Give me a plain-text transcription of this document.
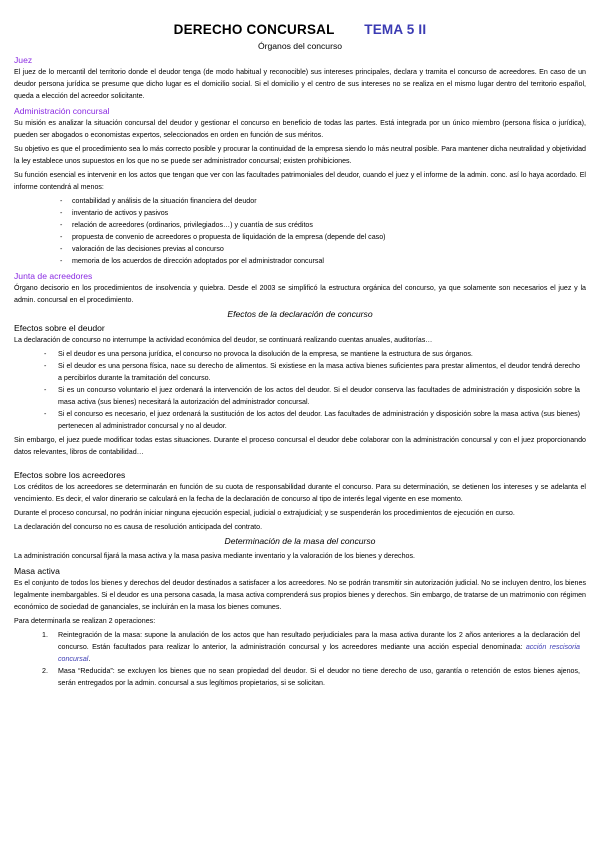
DERECHO CONCURSAL TEMA 5 II
Órganos del concurso
Juez

El juez de lo mercantil del territorio donde el deudor tenga (de modo habitual y reconocible) sus intereses principales, declara y tramita el concurso de acreedores. En caso de un deudor persona jurídica se presume que dicho lugar es el domicilio social. Si el domicilio y el centro de sus intereses no se realiza en el mismo lugar dentro del territorio español, queda a elección del acreedor solicitante.

Administración concursal

Su misión es analizar la situación concursal del deudor y gestionar el concurso en beneficio de todas las partes. Está integrada por un único miembro (persona física o jurídica), pueden ser abogados o economistas expertos, seleccionados en orden en función de sus méritos.

Su objetivo es que el procedimiento sea lo más correcto posible y procurar la continuidad de la empresa siendo lo más neutral posible. Para mantener dicha neutralidad y objetividad la ley establece unos supuestos en los que no se puede ser administrador concursal; existen prohibiciones.

Su función esencial es intervenir en los actos que tengan que ver con las facultades patrimoniales del deudor, cuando el juez y el informe de la admin. conc. así lo haya acordado. El informe contendrá al menos:

- contabilidad y análisis de la situación financiera del deudor
- inventario de activos y pasivos
- relación de acreedores (ordinarios, privilegiados…) y cuantía de sus créditos
- propuesta de convenio de acreedores o propuesta de liquidación de la empresa (depende del caso)
- valoración de las decisiones previas al concurso
- memoria de los acuerdos de dirección adoptados por el administrador concursal
Junta de acreedores

Órgano decisorio en los procedimientos de insolvencia y quiebra. Desde el 2003 se simplificó la estructura orgánica del concurso, ya que solamente son necesarios el juez y la admin. concursal en el procedimiento.

Efectos de la declaración de concurso
Efectos sobre el deudor

La declaración de concurso no interrumpe la actividad económica del deudor, se continuará realizando cuentas anuales, auditorías…

- Si el deudor es una persona jurídica, el concurso no provoca la disolución de la empresa, se mantiene la estructura de sus órganos.
- Si el deudor es una persona física, nace su derecho de alimentos. Si existiese en la masa activa bienes suficientes para prestar alimentos, el deudor tendrá derecho a percibirlos durante la tramitación del concurso.
- Si es un concurso voluntario el juez ordenará la intervención de los actos del deudor. Si el deudor conserva las facultades de administración y disposición sobre la masa activa (sus bienes) necesitará la autorización del administrador concursal.
- Si el concurso es necesario, el juez ordenará la sustitución de los actos del deudor. Las facultades de administración y disposición sobre la masa activa (sus bienes) pertenecen al administrador concursal y no al deudor.

Sin embargo, el juez puede modificar todas estas situaciones. Durante el proceso concursal el deudor debe colaborar con la administración concursal y con el juez proporcionando datos relevantes, libros de contabilidad…

Efectos sobre los acreedores

Los créditos de los acreedores se determinarán en función de su cuota de responsabilidad durante el concurso. Para su determinación, se detienen los intereses y se adelanta el vencimiento. Es decir, el valor dinerario se calculará en la fecha de la declaración de concurso al tipo de interés legal vigente en ese momento.

Durante el proceso concursal, no podrán iniciar ninguna ejecución especial, judicial o extrajudicial; y se suspenderán los procedimientos de ejecución en curso.

La declaración del concurso no es causa de resolución anticipada del contrato.

Determinación de la masa del concurso

La administración concursal fijará la masa activa y la masa pasiva mediante inventario y la valoración de los bienes y derechos.

Masa activa

Es el conjunto de todos los bienes y derechos del deudor destinados a satisfacer a los acreedores. No se podrán transmitir sin autorización judicial. No se incluyen dentro, los bienes legalmente inembargables. Si el deudor es una persona casada, la masa activa comprenderá sus propios bienes y derechos. Sin embargo, de tratarse de un matrimonio con régimen económico de sociedad de gananciales, se incluirán en la masa los bienes comunes.

Para determinarla se realizan 2 operaciones:

1. Reintegración de la masa: supone la anulación de los actos que han resultado perjudiciales para la masa activa durante los 2 años anteriores a la declaración del concurso. Están facultados para realizar lo anterior, la administración concursal y los acreedores mediante una acción especial denominada: acción rescisoria concursal.
2. Masa “Reducida”: se excluyen los bienes que no sean propiedad del deudor. Si el deudor no tiene derecho de uso, garantía o retención de estos bienes ajenos, serán entregados por la admin. concursal a sus legítimos propietarios, si se solicitan.
